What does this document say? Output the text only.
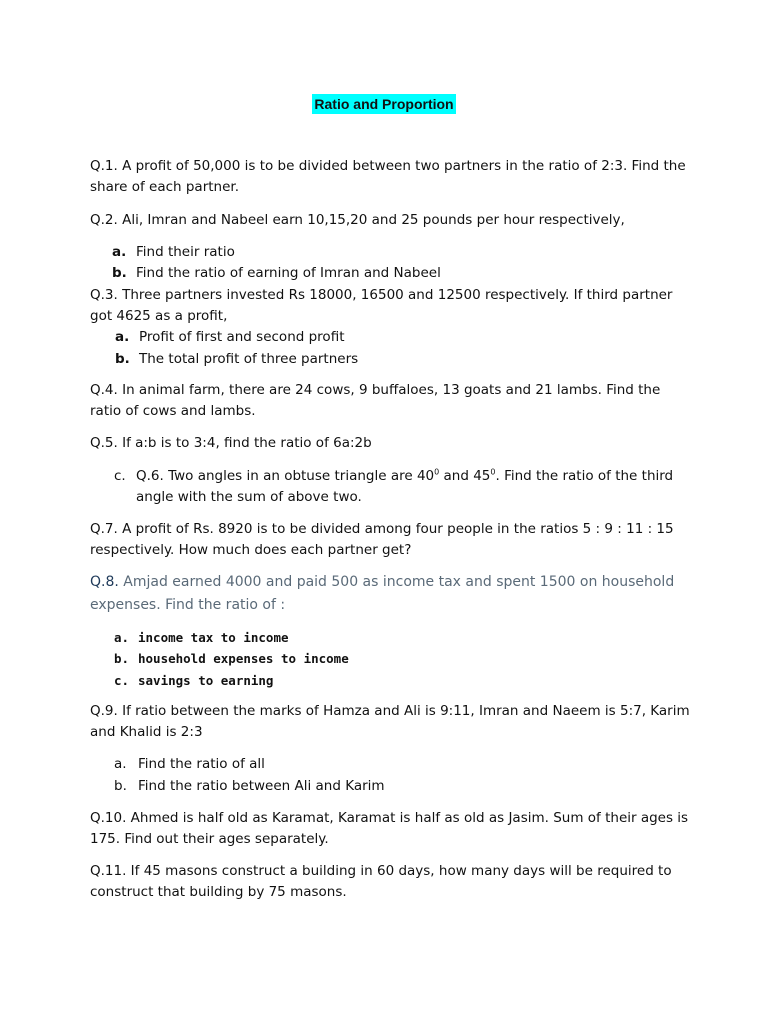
Ratio and Proportion

Q.1. A profit of 50,000 is to be divided between two partners in the ratio of 2:3. Find the share of each partner.

Q.2. Ali, Imran and Nabeel earn 10,15,20 and 25 pounds per hour respectively,

a. Find their ratio

b. Find the ratio of earning of Imran and Nabeel

Q.3. Three partners invested Rs 18000, 16500 and 12500 respectively. If third partner got 4625 as a profit,

a. Profit of first and second profit

b. The total profit of three partners

Q.4. In animal farm, there are 24 cows, 9 buffaloes, 13 goats and 21 lambs. Find the ratio of cows and lambs.

Q.5. If a:b is to 3:4, find the ratio of 6a:2b

c. Q.6. Two angles in an obtuse triangle are $40^0$ and $45^0$. Find the ratio of the third angle with the sum of above two.

Q.7. A profit of Rs. 8920 is to be divided among four people in the ratios 5 : 9 : 11 : 15 respectively. How much does each partner get?

Q.8. Amjad earned 4000 and paid 500 as income tax and spent 1500 on household expenses. Find the ratio of :

a. income tax to income

b. household expenses to income

c. savings to earning

Q.9. If ratio between the marks of Hamza and Ali is 9:11, Imran and Naeem is 5:7, Karim and Khalid is 2:3

a. Find the ratio of all

b. Find the ratio between Ali and Karim

Q.10. Ahmed is half old as Karamat, Karamat is half as old as Jasim. Sum of their ages is 175. Find out their ages separately.

Q.11. If 45 masons construct a building in 60 days, how many days will be required to construct that building by 75 masons.
